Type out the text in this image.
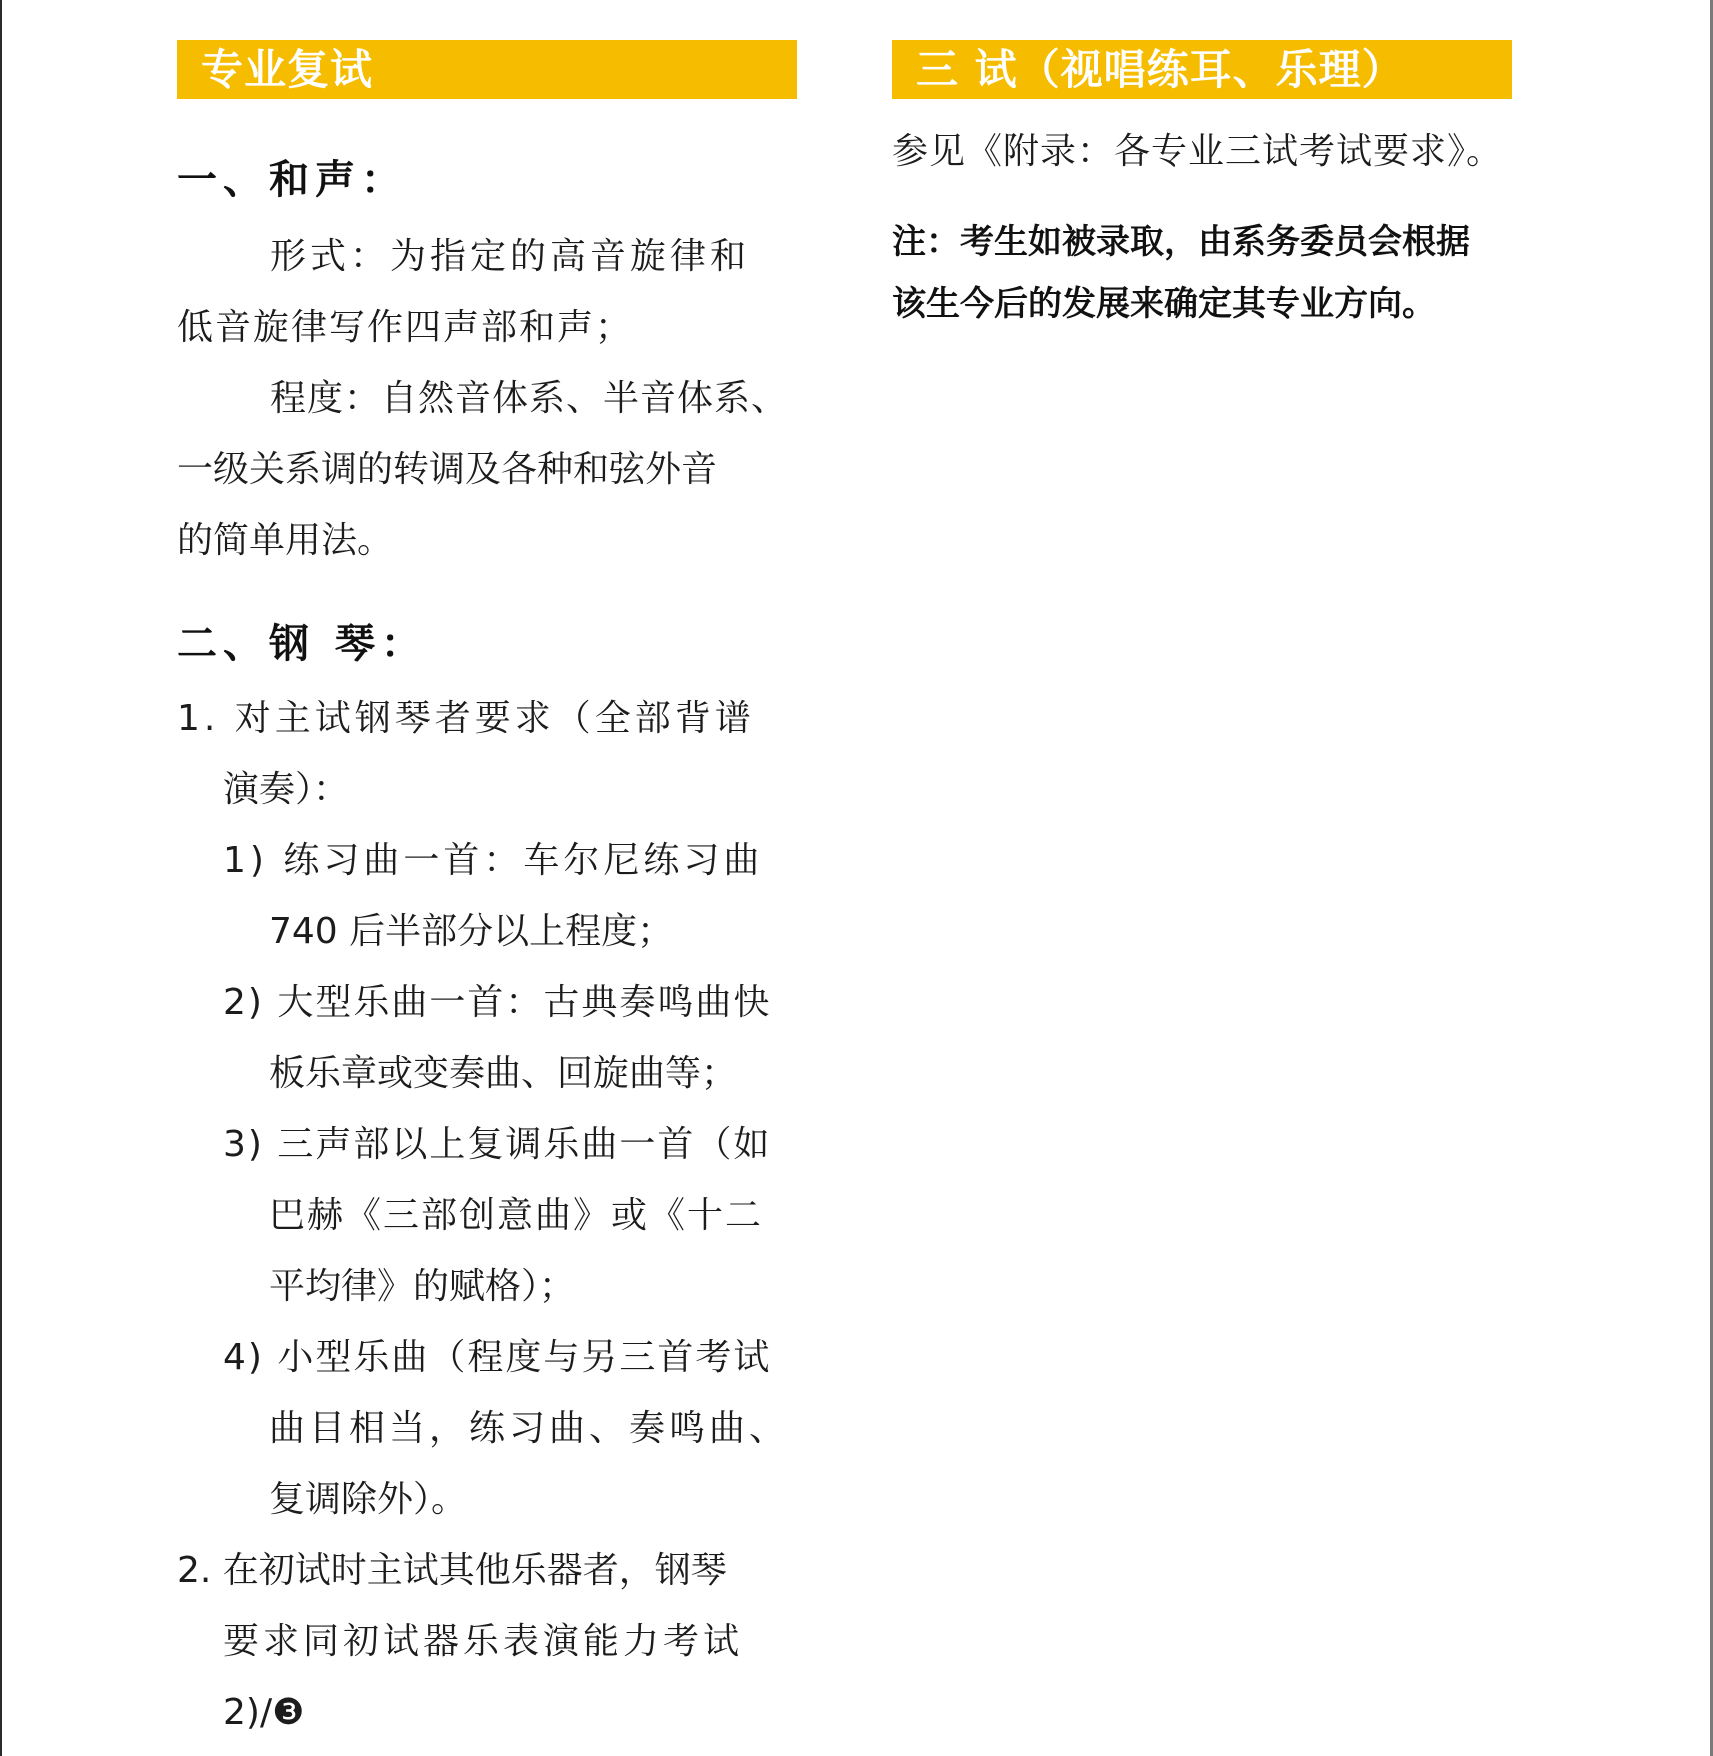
专业复试
一、和声：
形式：为指定的高音旋律和
低音旋律写作四声部和声；
程度：自然音体系、半音体系、
一级关系调的转调及各种和弦外音
的简单用法。
二、钢 琴：
1. 对主试钢琴者要求（全部背谱
演奏）：
1) 练习曲一首：车尔尼练习曲
740 后半部分以上程度；
2) 大型乐曲一首：古典奏鸣曲快
板乐章或变奏曲、回旋曲等；
3) 三声部以上复调乐曲一首（如
巴赫《三部创意曲》或《十二
平均律》的赋格）；
4) 小型乐曲（程度与另三首考试
曲目相当，练习曲、奏鸣曲、
复调除外）。
2. 在初试时主试其他乐器者，钢琴
要求同初试器乐表演能力考试
2)/❸
三 试（视唱练耳、乐理）
参见《附录：各专业三试考试要求》。
注：考生如被录取，由系务委员会根据
该生今后的发展来确定其专业方向。
